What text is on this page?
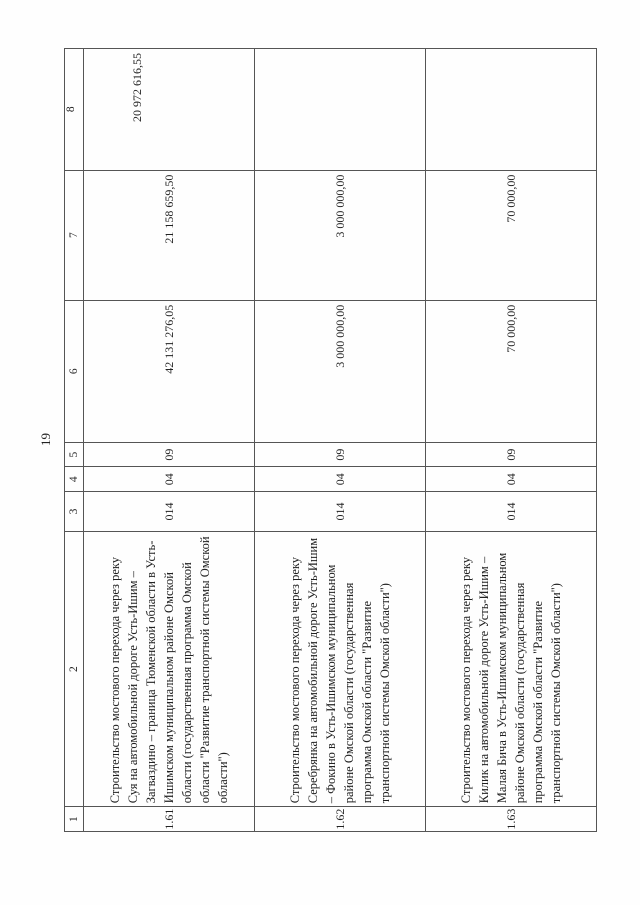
19
1	2	3	4	5	6	7	8
1.61	Строительство мостового перехода через реку Суя на автомобильной дороге Усть-Ишим – Загваздино – граница Тюменской области в Усть-Ишимском муниципальном районе Омской области (государственная программа Омской области "Развитие транспортной системы Омской области")	014	04	09	42 131 276,05	21 158 659,50	20 972 616,55
1.62	Строительство мостового перехода через реку Серебрянка на автомобильной дороге Усть-Ишим – Фокино в Усть-Ишимском муниципальном районе Омской области (государственная программа Омской области "Развитие транспортной системы Омской области")	014	04	09	3 000 000,00	3 000 000,00	
1.63	Строительство мостового перехода через реку Килик на автомобильной дороге Усть-Ишим – Малая Бича в Усть-Ишимском муниципальном районе Омской области (государственная программа Омской области "Развитие транспортной системы Омской области")	014	04	09	70 000,00	70 000,00	
